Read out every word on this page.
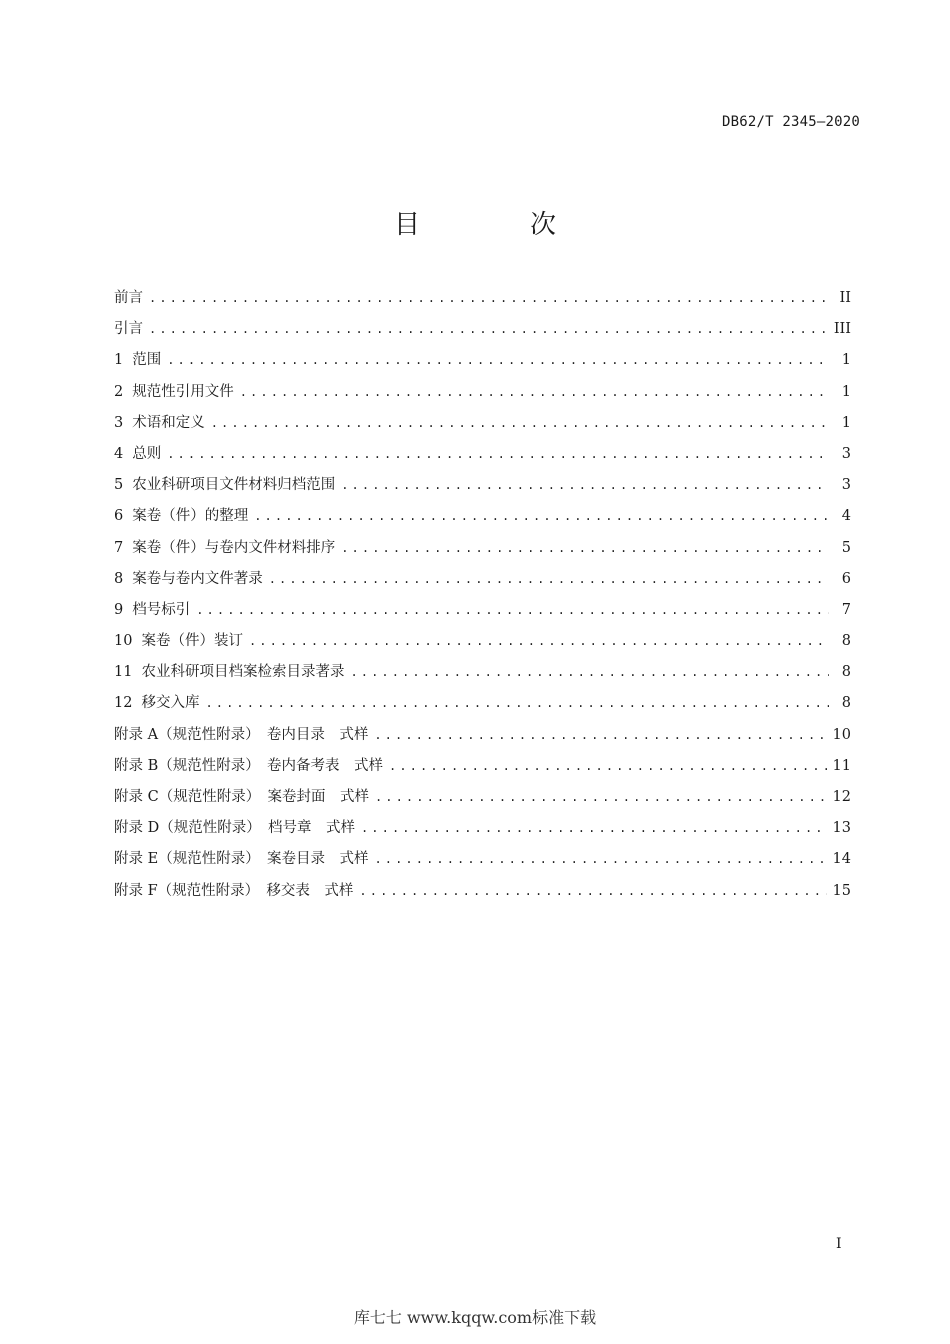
DB62/T 2345—2020
目　次
前言 .....	II
引言 .....	III
1 范围 .....	1
2 规范性引用文件 .....	1
3 术语和定义 .....	1
4 总则 .....	3
5 农业科研项目文件材料归档范围 .....	3
6 案卷（件）的整理 .....	4
7 案卷（件）与卷内文件材料排序 .....	5
8 案卷与卷内文件著录 .....	6
9 档号标引 .....	7
10 案卷（件）装订 .....	8
11 农业科研项目档案检索目录著录 .....	8
12 移交入库 .....	8
附录 A（规范性附录）　卷内目录　式样 .....	10
附录 B（规范性附录）　卷内备考表　式样 .....	11
附录 C（规范性附录）　案卷封面　式样 .....	12
附录 D（规范性附录）　档号章　式样 .....	13
附录 E（规范性附录）　案卷目录　式样 .....	14
附录 F（规范性附录）　移交表　式样 .....	15
I
库七七 www.kqqw.com标准下载
